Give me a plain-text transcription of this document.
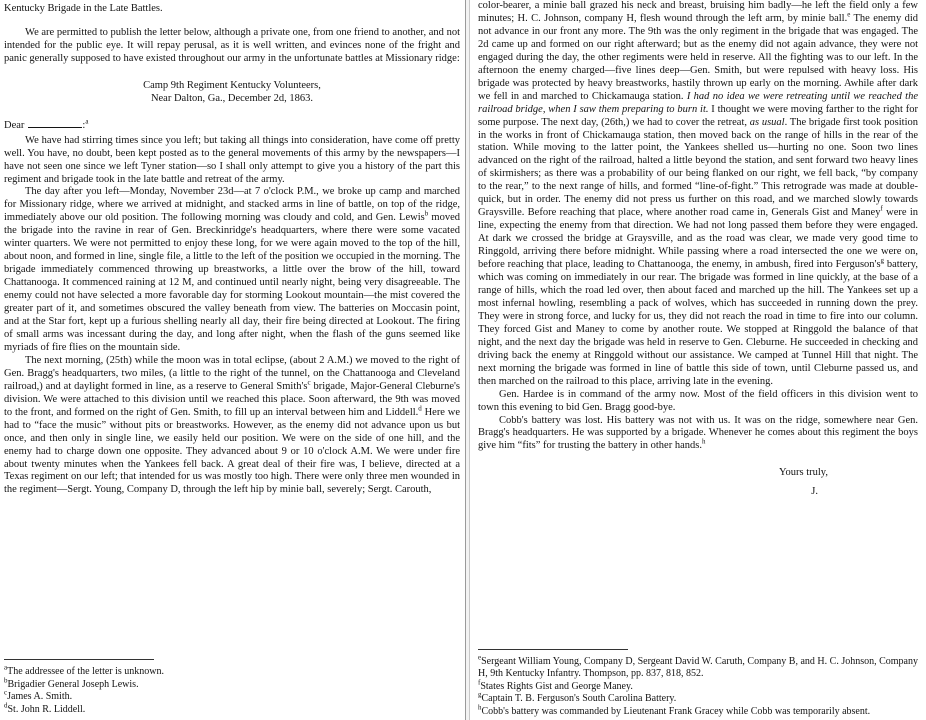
Kentucky Brigade in the Late Battles.

We are permitted to publish the letter below, although a private one, from one friend to another, and not intended for the public eye. It will repay perusal, as it is well written, and evinces none of the fright and panic generally supposed to have existed throughout our army in the unfortunate battles at Missionary ridge:

Camp 9th Regiment Kentucky Volunteers,

Near Dalton, Ga., December 2d, 1863.

Dear	:$^a$

We have had stirring times since you left; but taking all things into consideration, have come off pretty well. You have, no doubt, been kept posted as to the general movements of this army by the newspapers—I have not seen one since we left Tyner station—so I shall only attempt to give you a history of the part this regiment and brigade took in the late battle and retreat of the army.

The day after you left—Monday, November 23d—at 7 o'clock P.M., we broke up camp and marched for Missionary ridge, where we arrived at midnight, and stacked arms in line of battle, on top of the ridge, immediately above our old position. The following morning was cloudy and cold, and Gen. Lewis$^b$ moved the brigade into the ravine in rear of Gen. Breckinridge's headquarters, where there were some vacated winter quarters. We were not permitted to enjoy these long, for we were again moved to the top of the hill, about noon, and formed in line, single file, a little to the left of the position we occupied in the morning. The brigade immediately commenced throwing up breastworks, a little over the brow of the hill, toward Chattanooga. It commenced raining at 12 M, and continued until nearly night, being very disagreeable. The enemy could not have selected a more favorable day for storming Lookout mountain—the mist covered the greater part of it, and sometimes obscured the valley beneath from view. The batteries on Moccasin point, and at the Star fort, kept up a furious shelling nearly all day, their fire being directed at Lookout. The firing of small arms was incessant during the day, and long after night, when the flash of the guns seemed like myriads of fire flies on the mountain side.

The next morning, (25th) while the moon was in total eclipse, (about 2 A.M.) we moved to the right of Gen. Bragg's headquarters, two miles, (a little to the right of the tunnel, on the Chattanooga and Cleveland railroad,) and at daylight formed in line, as a reserve to General $Smith's^c$ brigade, Major-General Cleburne's division. We were attached to this division until we reached this place. Soon afterward, the 9th was moved to the front, and formed on the right of Gen. Smith, to fill up an interval between him and Liddell.$^d$ Here we had to “face the music” without pits or breastworks. However, as the enemy did not advance upon us but once, and then only in single line, we easily held our position. We were on the side of one hill, and the enemy had to charge down one opposite. They advanced about 9 or 10 o'clock A.M. We were under fire about twenty minutes when the Yankees fell back. A great deal of their fire was, I believe, directed at a Texas regiment on our left; that intended for us was mostly too high. There were only three men wounded in the regiment—Sergt. Young, Company D, through the left hip by minie ball, severely; Sergt. Carouth,

$^a$The addressee of the letter is unknown.

$^b$Brigadier General Joseph Lewis.

$^c$James A. Smith.

$^d$St. John R. Liddell.

color-bearer, a minie ball grazed his neck and breast, bruising him badly—he left the field only a few minutes; H. C. Johnson, company H, flesh wound through the left arm, by minie ball.$^e$ The enemy did not advance in our front any more. The 9th was the only regiment in the brigade that was engaged. The 2d came up and formed on our right afterward; but as the enemy did not again advance, they were not engaged during the day, the other regiments were held in reserve. All the fighting was to our left. In the afternoon the enemy charged—five lines deep—Gen. Smith, but were repulsed with heavy loss. His brigade was protected by heavy breastworks, hastily thrown up early on the morning. Awhile after dark we fell in and marched to Chickamauga station. I had no idea we were retreating until we reached the railroad bridge, when I saw them preparing to burn it. I thought we were moving farther to the right for some purpose. The next day, (26th,) we had to cover the retreat, as usual. The brigade first took position in the works in front of Chickamauga station, then moved back on the range of hills in the rear of the station. While moving to the latter point, the Yankees shelled us—hurting no one. Soon two lines advanced on the right of the railroad, halted a little beyond the station, and sent forward two heavy lines of skirmishers; as there was a probability of our being flanked on our right, we fell back, “by company to the rear,” to the next range of hills, and formed “line-of-fight.” This retrograde was made at double-quick, but in order. The enemy did not press us further on this road, and we marched slowly towards Graysville. Before reaching that place, where another road came in, Generals Gist and Maney$^f$ were in line, expecting the enemy from that direction. We had not long passed them before they were engaged. At dark we crossed the bridge at Graysville, and as the road was clear, we made very good time to Ringgold, arriving there before midnight. While passing where a road intersected the one we were on, before reaching that place, leading to Chattanooga, the enemy, in ambush, fired into $Ferguson's^g$ battery, which was coming on immediately in our rear. The brigade was formed in line quickly, at the base of a range of hills, which the road led over, then about faced and marched up the hill. The Yankees set up a most infernal howling, resembling a pack of wolves, which has succeeded in running down the prey. They were in strong force, and lucky for us, they did not reach the road in time to fire into our column. They forced Gist and Maney to come by another route. We stopped at Ringgold the balance of that night, and the next day the brigade was held in reserve to Gen. Cleburne. He succeeded in checking and driving back the enemy at Ringgold without our assistance. We camped at Tunnel Hill that night. The next morning the brigade was formed in line of battle this side of town, until Cleburne passed us, and then marched on the railroad to this place, arriving late in the evening.

Gen. Hardee is in command of the army now. Most of the field officers in this division went to town this evening to bid Gen. Bragg good-bye.

Cobb's battery was lost. His battery was not with us. It was on the ridge, somewhere near Gen. Bragg's headquarters. He was supported by a brigade. Whenever he comes about this regiment the boys give him “fits” for trusting the battery in other hands.$^h$

Yours truly,

J.

$^e$Sergeant William Young, Company D, Sergeant David W. Caruth, Company B, and H. C. Johnson, Company H, 9th Kentucky Infantry. Thompson, pp. 837, 818, 852.

$^f$States Rights Gist and George Maney.

$^g$Captain T. B. Ferguson's South Carolina Battery.

$^h$Cobb's battery was commanded by Lieutenant Frank Gracey while Cobb was temporarily absent.
